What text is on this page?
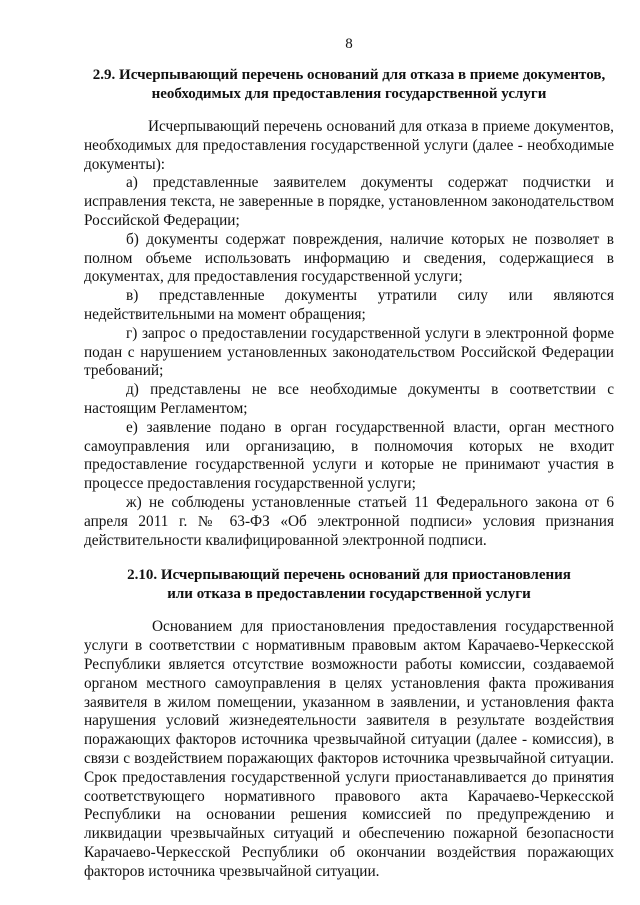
8
2.9. Исчерпывающий перечень оснований для отказа в приеме документов,
необходимых для предоставления государственной услуги

Исчерпывающий перечень оснований для отказа в приеме документов, необходимых для предоставления государственной услуги (далее - необходимые документы):

а) представленные заявителем документы содержат подчистки и исправления текста, не заверенные в порядке, установленном законодательством Российской Федерации;

б) документы содержат повреждения, наличие которых не позволяет в полном объеме использовать информацию и сведения, содержащиеся в документах, для предоставления государственной услуги;

в) представленные документы утратили силу или являются недействительными на момент обращения;

г) запрос о предоставлении государственной услуги в электронной форме подан с нарушением установленных законодательством Российской Федерации требований;

д) представлены не все необходимые документы в соответствии с настоящим Регламентом;

е) заявление подано в орган государственной власти, орган местного самоуправления или организацию, в полномочия которых не входит предоставление государственной услуги и которые не принимают участия в процессе предоставления государственной услуги;

ж) не соблюдены установленные статьей 11 Федерального закона от 6 апреля 2011 г. № 63-ФЗ «Об электронной подписи» условия признания действительности квалифицированной электронной подписи.

2.10. Исчерпывающий перечень оснований для приостановления
или отказа в предоставлении государственной услуги

Основанием для приостановления предоставления государственной услуги в соответствии с нормативным правовым актом Карачаево-Черкесской Республики является отсутствие возможности работы комиссии, создаваемой органом местного самоуправления в целях установления факта проживания заявителя в жилом помещении, указанном в заявлении, и установления факта нарушения условий жизнедеятельности заявителя в результате воздействия поражающих факторов источника чрезвычайной ситуации (далее - комиссия), в связи с воздействием поражающих факторов источника чрезвычайной ситуации. Срок предоставления государственной услуги приостанавливается до принятия соответствующего нормативного правового акта Карачаево-Черкесской Республики на основании решения комиссией по предупреждению и ликвидации чрезвычайных ситуаций и обеспечению пожарной безопасности Карачаево-Черкесской Республики об окончании воздействия поражающих факторов источника чрезвычайной ситуации.
